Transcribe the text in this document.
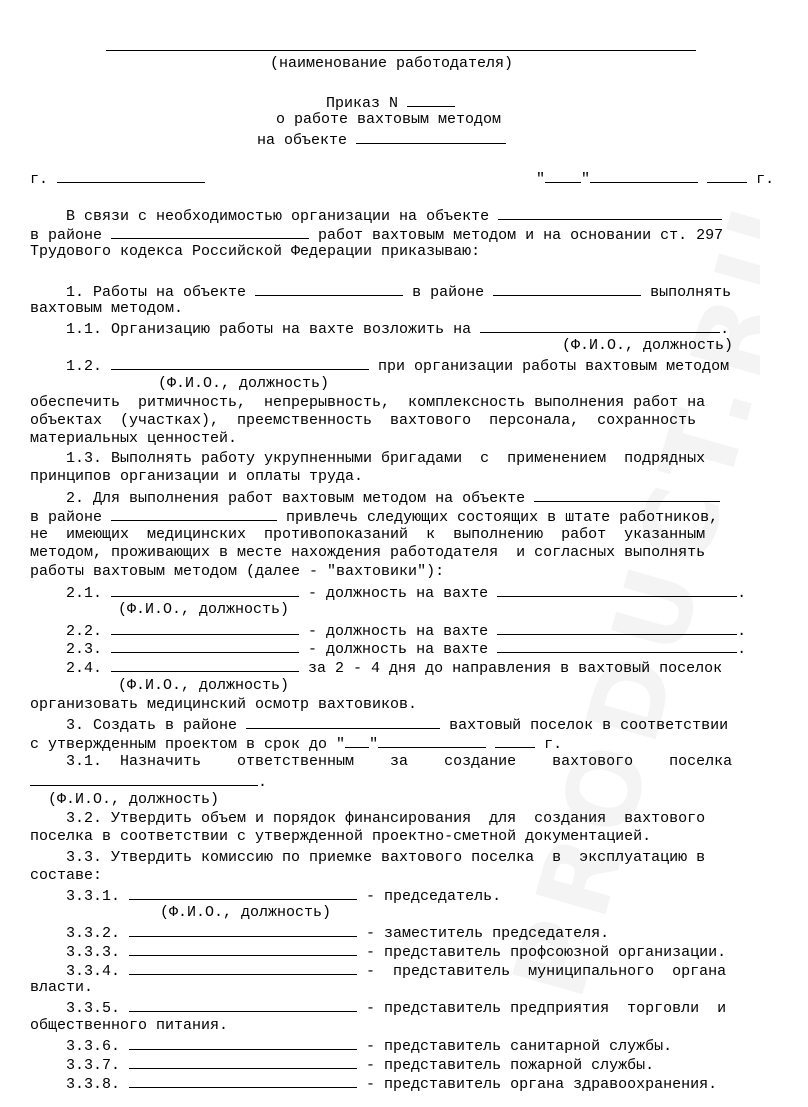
(наименование работодателя)
Приказ N
о работе вахтовым методом
на объекте
г.	" "	г.
В связи с необходимостью организации на объекте
в районе	работ вахтовым методом и на основании ст. 297
Трудового кодекса Российской Федерации приказываю:
1. Работы на объекте	в районе	выполнять
вахтовым методом.
1.1. Организацию работы на вахте возложить на	.
(Ф.И.О., должность)
1.2.	при организации работы вахтовым методом
(Ф.И.О., должность)
обеспечить  ритмичность,  непрерывность,  комплексность выполнения работ на
объектах  (участках),  преемственность  вахтового  персонала,  сохранность
материальных ценностей.
1.3. Выполнять работу укрупненными бригадами  с  применением  подрядных
принципов организации и оплаты труда.
2. Для выполнения работ вахтовым методом на объекте
в районе	привлечь следующих состоящих в штате работников,
не  имеющих  медицинских  противопоказаний  к  выполнению  работ  указанным
методом, проживающих в месте нахождения работодателя  и согласных выполнять
работы вахтовым методом (далее - "вахтовики"):
2.1.	- должность на вахте	.
(Ф.И.О., должность)
2.2.	- должность на вахте	.
2.3.	- должность на вахте	.
2.4.	за 2 - 4 дня до направления в вахтовый поселок
(Ф.И.О., должность)
организовать медицинский осмотр вахтовиков.
3. Создать в районе	вахтовый поселок в соответствии
с утвержденным проектом в срок до " "	г.
3.1.  Назначить    ответственным    за    создание    вахтового    поселка
.
(Ф.И.О., должность)
3.2. Утвердить объем и порядок финансирования  для  создания  вахтового
поселка в соответствии с утвержденной проектно-сметной документацией.
3.3. Утвердить комиссию по приемке вахтового поселка  в  эксплуатацию в
составе:
3.3.1.	- председатель.
(Ф.И.О., должность)
3.3.2.	- заместитель председателя.
3.3.3.	- представитель профсоюзной организации.
3.3.4.	-  представитель  муниципального  органа
власти.
3.3.5.	- представитель предприятия  торговли  и
общественного питания.
3.3.6.	- представитель санитарной службы.
3.3.7.	- представитель пожарной службы.
3.3.8.	- представитель органа здравоохранения.
